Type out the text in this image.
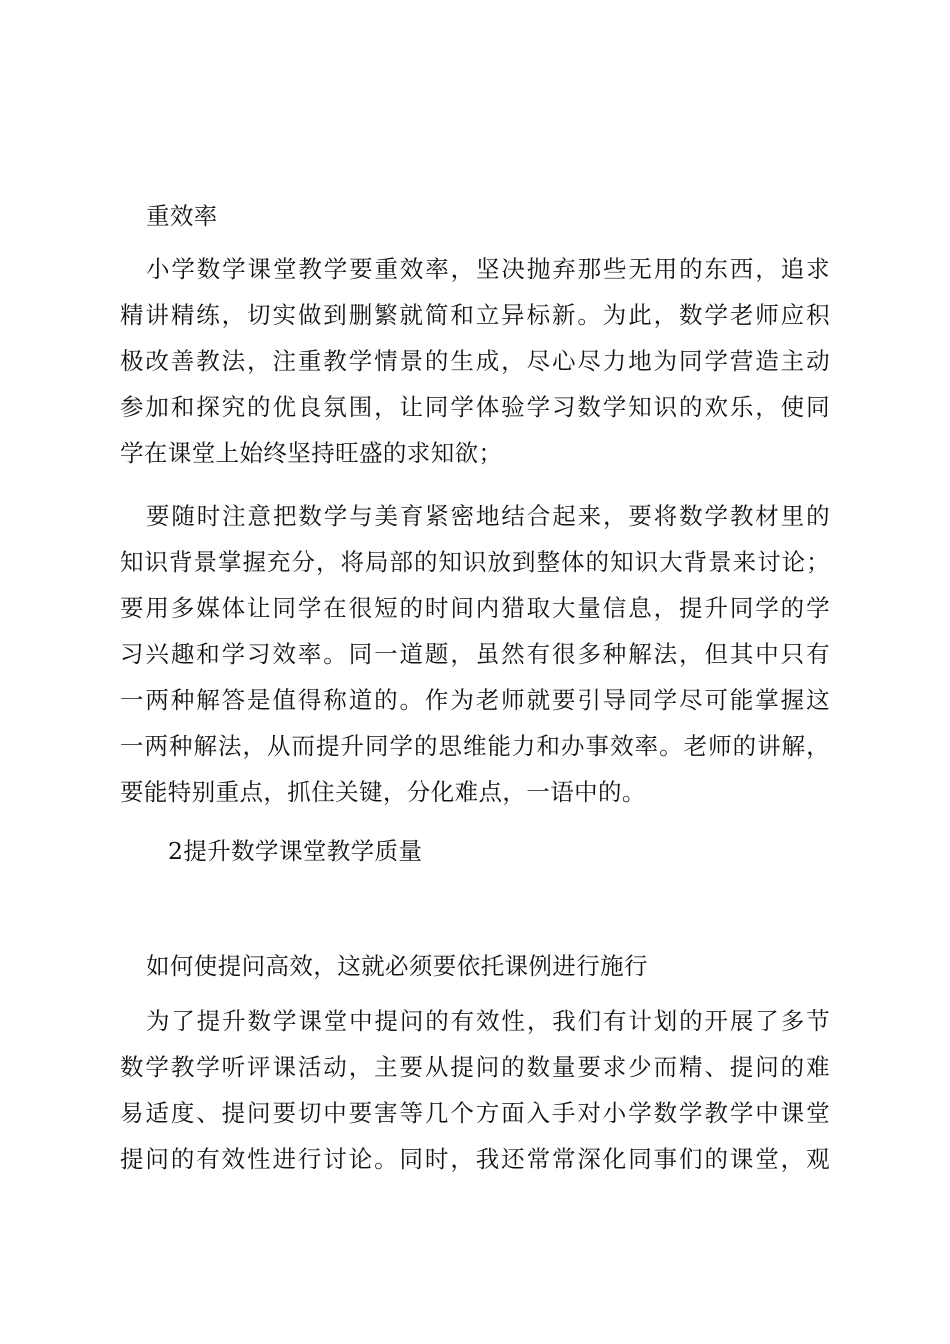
重效率

小学数学课堂教学要重效率，坚决抛弃那些无用的东西，追求

精讲精练，切实做到删繁就简和立异标新。为此，数学老师应积

极改善教法，注重教学情景的生成，尽心尽力地为同学营造主动

参加和探究的优良氛围，让同学体验学习数学知识的欢乐，使同

学在课堂上始终坚持旺盛的求知欲；

要随时注意把数学与美育紧密地结合起来，要将数学教材里的

知识背景掌握充分，将局部的知识放到整体的知识大背景来讨论；

要用多媒体让同学在很短的时间内猎取大量信息，提升同学的学

习兴趣和学习效率。同一道题，虽然有很多种解法，但其中只有

一两种解答是值得称道的。作为老师就要引导同学尽可能掌握这

一两种解法，从而提升同学的思维能力和办事效率。老师的讲解，

要能特别重点，抓住关键，分化难点，一语中的。

2提升数学课堂教学质量

如何使提问高效，这就必须要依托课例进行施行

为了提升数学课堂中提问的有效性，我们有计划的开展了多节

数学教学听评课活动，主要从提问的数量要求少而精、提问的难

易适度、提问要切中要害等几个方面入手对小学数学教学中课堂

提问的有效性进行讨论。同时，我还常常深化同事们的课堂，观
